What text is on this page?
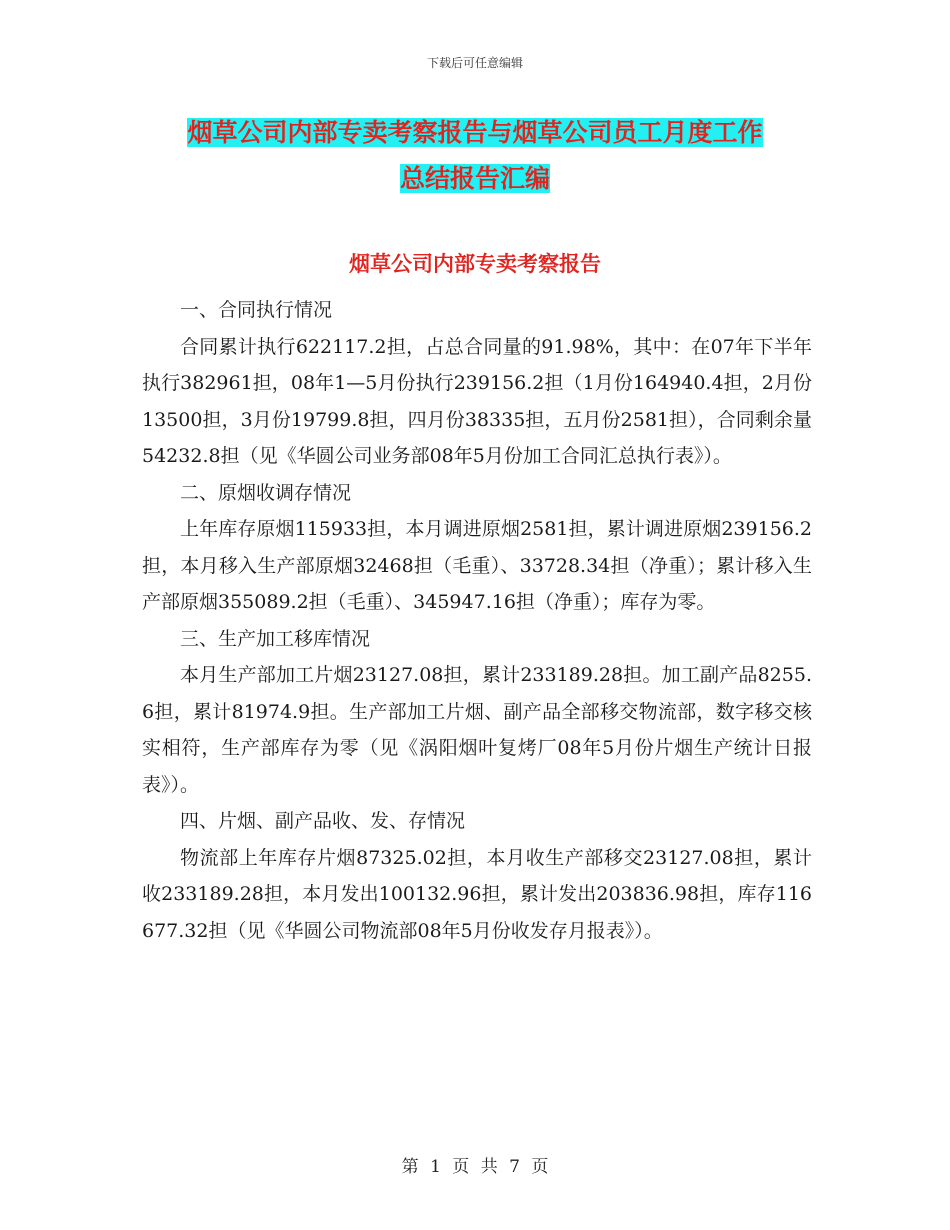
下载后可任意编辑
烟草公司内部专卖考察报告与烟草公司员工月度工作
总结报告汇编
烟草公司内部专卖考察报告

一、合同执行情况

合同累计执行622117.2担，占总合同量的91.98%，其中：在07年下半年执行382961担，08年1—5月份执行239156.2担（1月份164940.4担，2月份13500担，3月份19799.8担，四月份38335担，五月份2581担），合同剩余量54232.8担（见《华圆公司业务部08年5月份加工合同汇总执行表》）。

二、原烟收调存情况

上年库存原烟115933担，本月调进原烟2581担，累计调进原烟239156.2担，本月移入生产部原烟32468担（毛重）、33728.34担（净重）；累计移入生产部原烟355089.2担（毛重）、345947.16担（净重）；库存为零。

三、生产加工移库情况

本月生产部加工片烟23127.08担，累计233189.28担。加工副产品8255.6担，累计81974.9担。生产部加工片烟、副产品全部移交物流部，数字移交核实相符，生产部库存为零（见《涡阳烟叶复烤厂08年5月份片烟生产统计日报表》）。

四、片烟、副产品收、发、存情况

物流部上年库存片烟87325.02担，本月收生产部移交23127.08担，累计收233189.28担，本月发出100132.96担，累计发出203836.98担，库存116677.32担（见《华圆公司物流部08年5月份收发存月报表》）。

第 1 页 共 7 页
